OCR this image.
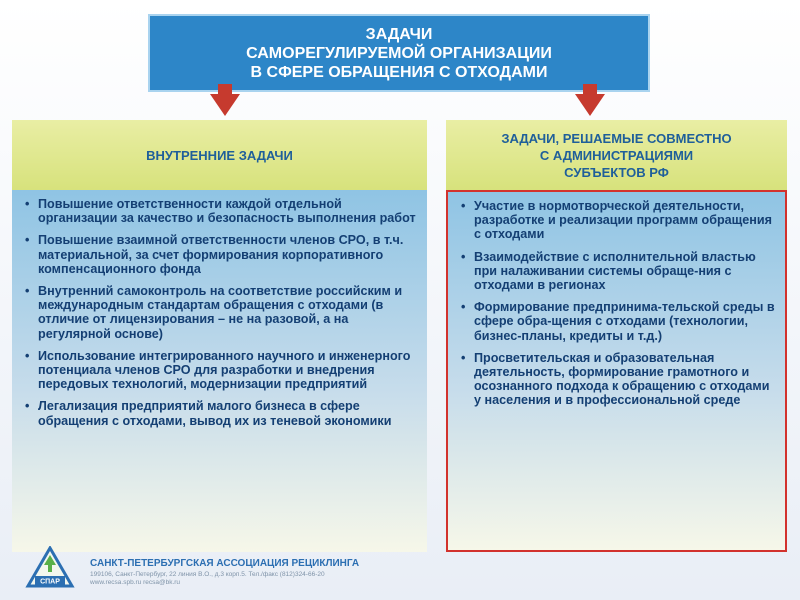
ЗАДАЧИ
САМОРЕГУЛИРУЕМОЙ ОРГАНИЗАЦИИ
В СФЕРЕ ОБРАЩЕНИЯ С ОТХОДАМИ
ВНУТРЕННИЕ ЗАДАЧИ
ЗАДАЧИ, РЕШАЕМЫЕ СОВМЕСТНО
С АДМИНИСТРАЦИЯМИ
СУБЪЕКТОВ РФ
• Повышение ответственности каждой отдельной организации за качество и безопасность выполнения работ
• Повышение взаимной ответственности членов СРО, в т.ч. материальной, за счет формирования корпоративного компенсационного фонда
• Внутренний самоконтроль на соответствие российским и международным стандартам обращения с отходами (в отличие от лицензирования – не на разовой, а на регулярной основе)
• Использование интегрированного научного и инженерного потенциала членов СРО для разработки и внедрения передовых технологий, модернизации предприятий
• Легализация предприятий малого бизнеса в сфере обращения с отходами, вывод их из теневой экономики
• Участие в нормотворческой деятельности, разработке и реализации программ обращения с отходами
• Взаимодействие с исполнительной властью при налаживании системы обраще-ния с отходами в регионах
• Формирование предпринима-тельской среды в сфере обра-щения с отходами (технологии, бизнес-планы, кредиты и т.д.)
• Просветительская и образовательная деятельность, формирование грамотного и осознанного подхода к обращению с отходами у населения и в профессиональной среде
СПАР
САНКТ-ПЕТЕРБУРГСКАЯ АССОЦИАЦИЯ РЕЦИКЛИНГА
199106, Санкт-Петербург, 22 линия В.О., д.3 корп.5. Тел./факс (812)324-66-20
www.recsa.spb.ru recsa@bk.ru
